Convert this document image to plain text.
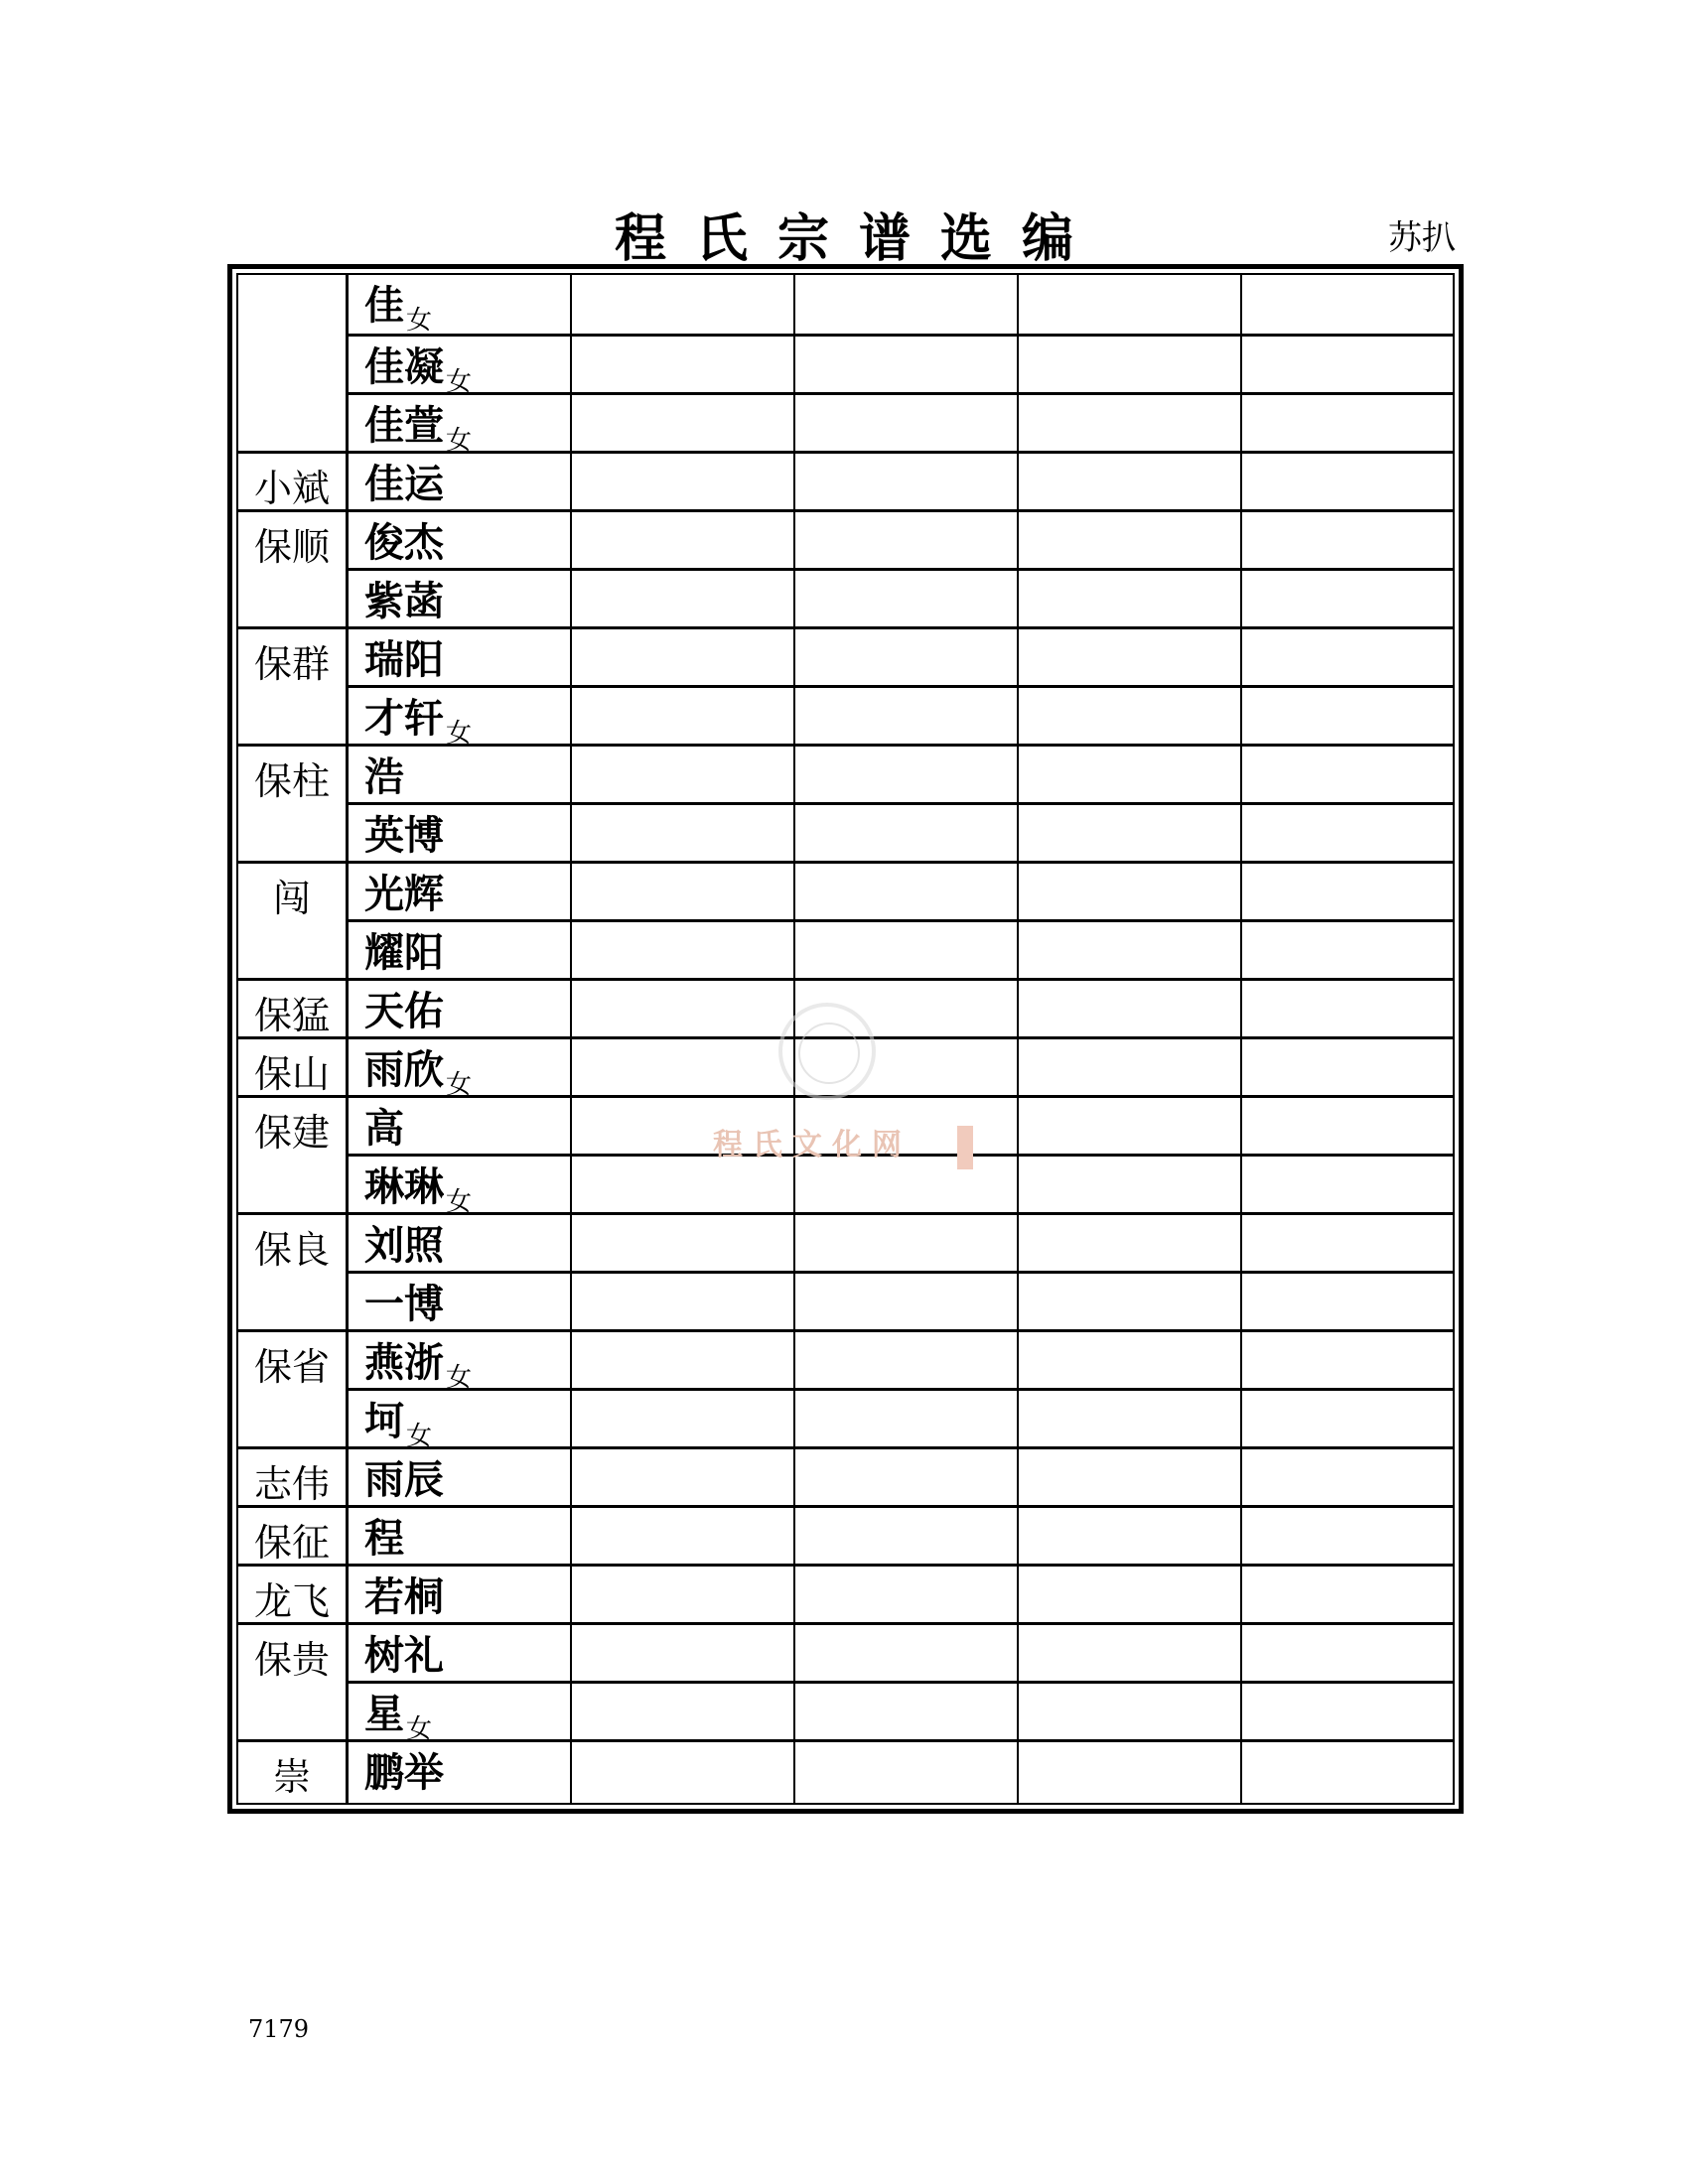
程氏宗谱选编	苏扒
小斌
保顺
保群
保柱
闯
保猛
保山
保建
保良
保省
志伟
保征
龙飞
保贵
崇
佳$_女$
佳凝$_女$
佳萱$_女$
佳运
俊杰
紫菡
瑞阳
才轩$_女$
浩
英博
光辉
耀阳
天佑
雨欣$_女$
高
琳琳$_女$
刘照
一博
燕浙$_女$
坷$_女$
雨辰
程
若桐
树礼
星$_女$
鹏举
程氏文化网
7179
